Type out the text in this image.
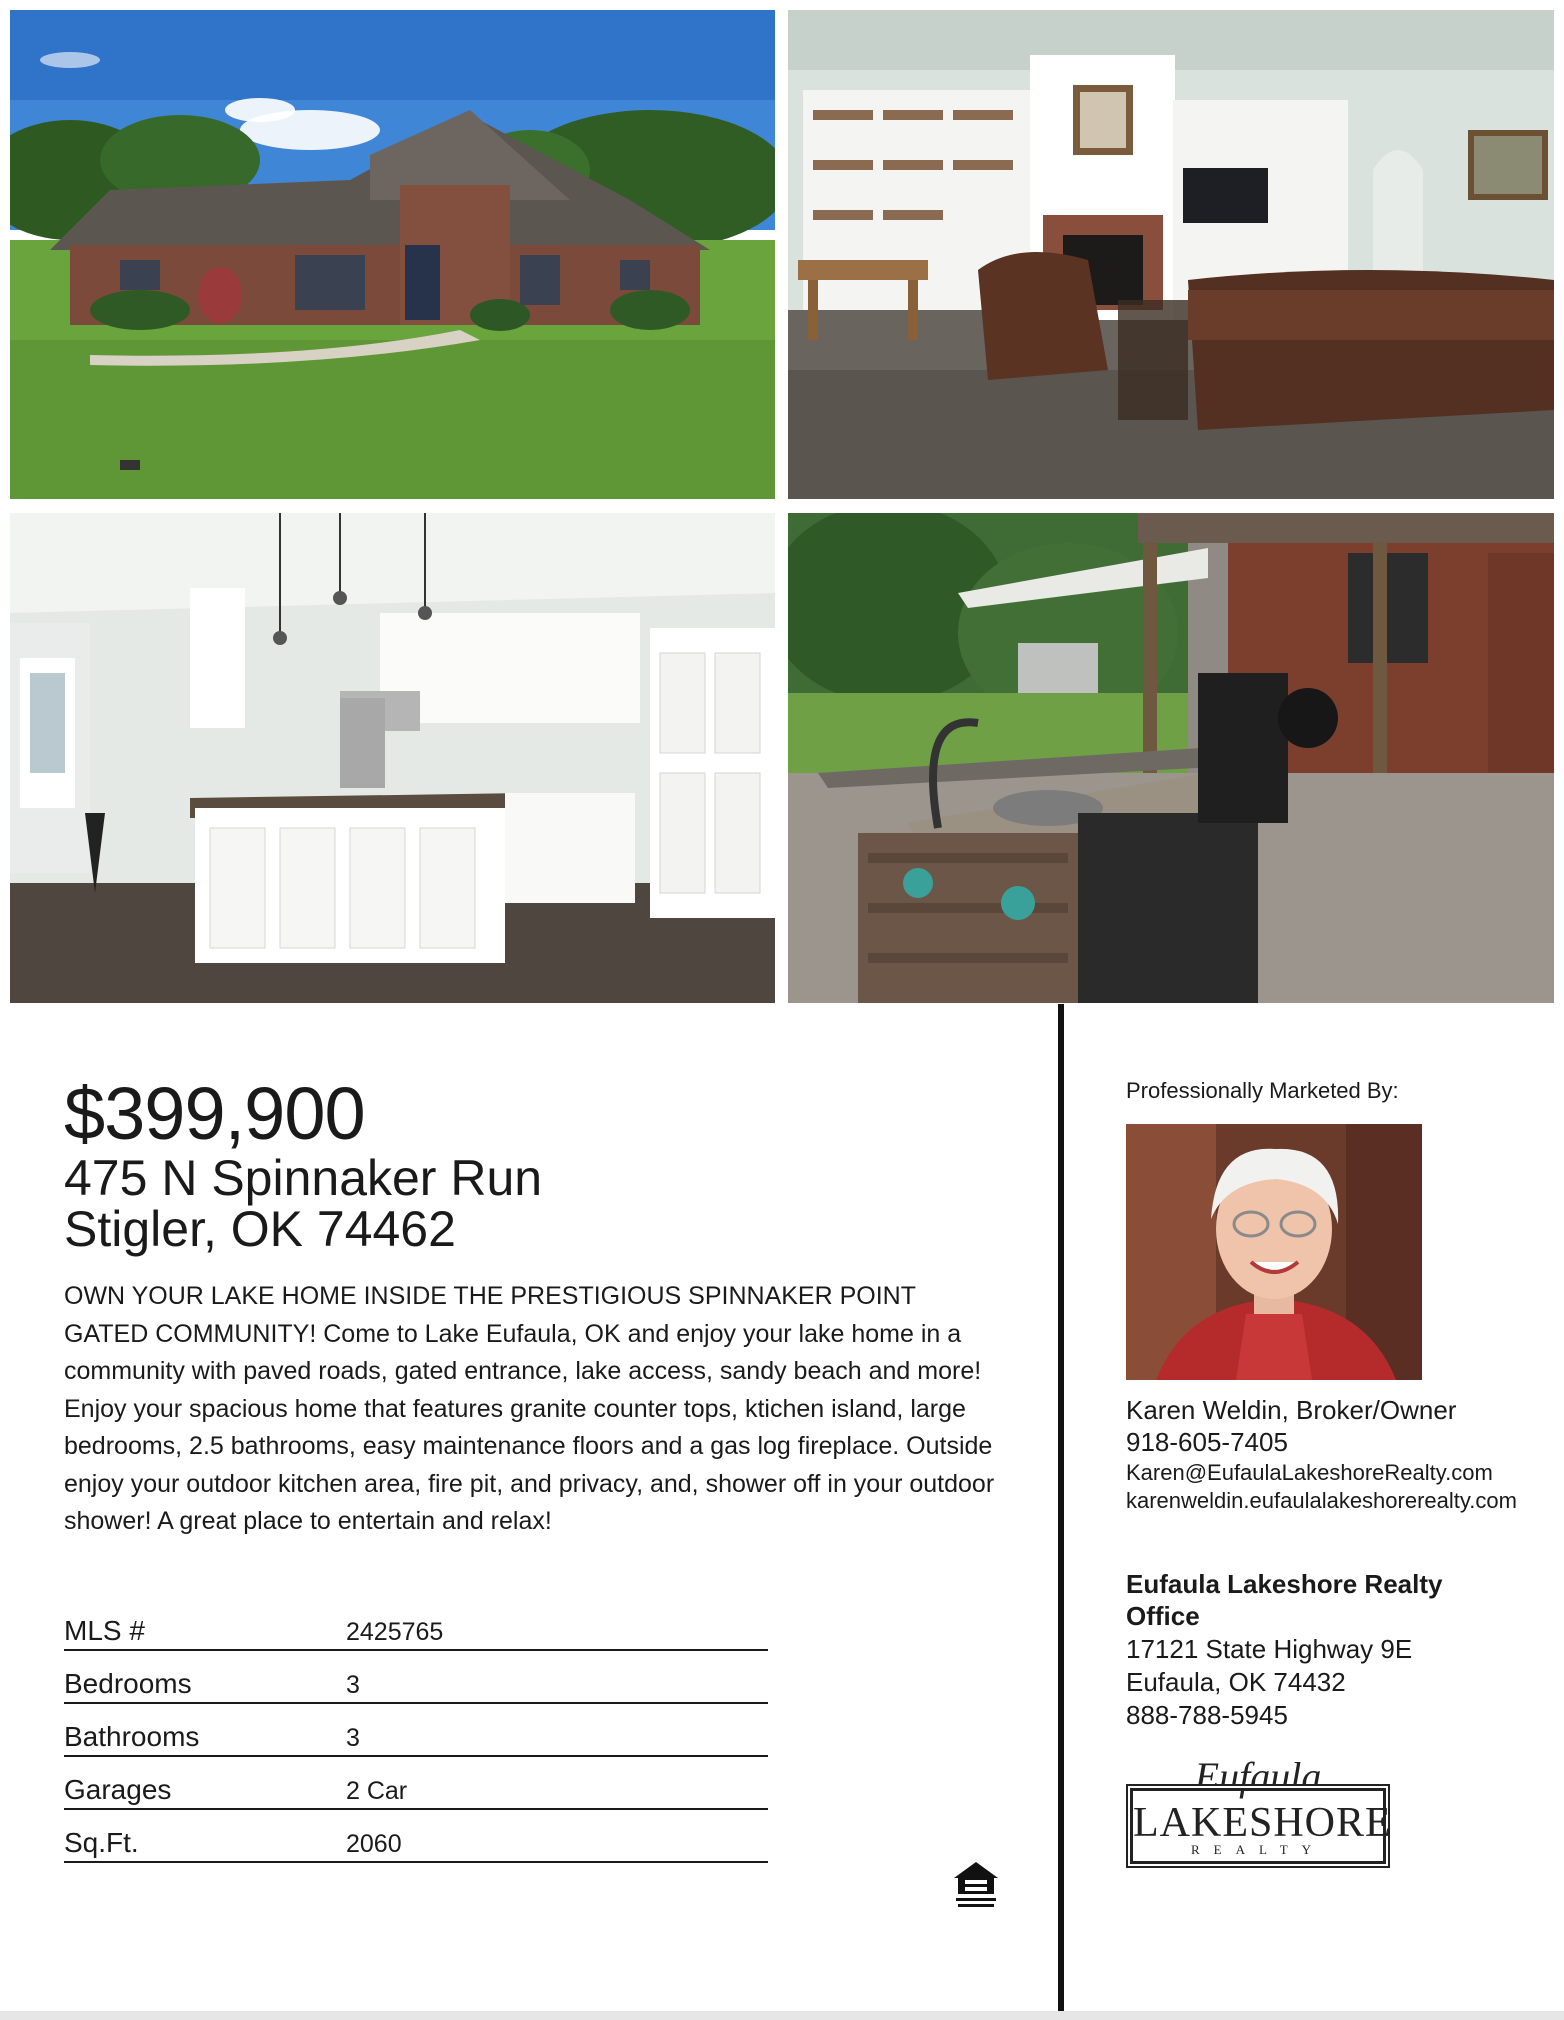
$399,900
475 N Spinnaker Run
Stigler, OK 74462
OWN YOUR LAKE HOME INSIDE THE PRESTIGIOUS SPINNAKER POINT GATED COMMUNITY! Come to Lake Eufaula, OK and enjoy your lake home in a community with paved roads, gated entrance, lake access, sandy beach and more! Enjoy your spacious home that features granite counter tops, ktichen island, large bedrooms, 2.5 bathrooms, easy maintenance floors and a gas log fireplace. Outside enjoy your outdoor kitchen area, fire pit, and privacy, and, shower off in your outdoor shower! A great place to entertain and relax!
MLS #	2425765
Bedrooms	3
Bathrooms	3
Garages	2 Car
Sq.Ft.	2060
Professionally Marketed By:
Karen Weldin, Broker/Owner
918-605-7405
Karen@EufaulaLakeshoreRealty.com
karenweldin.eufaulalakeshorerealty.com
Eufaula Lakeshore Realty Office
17121 State Highway 9E
Eufaula, OK 74432
888-788-5945
Eufaula
LAKESHORE
REALTY
